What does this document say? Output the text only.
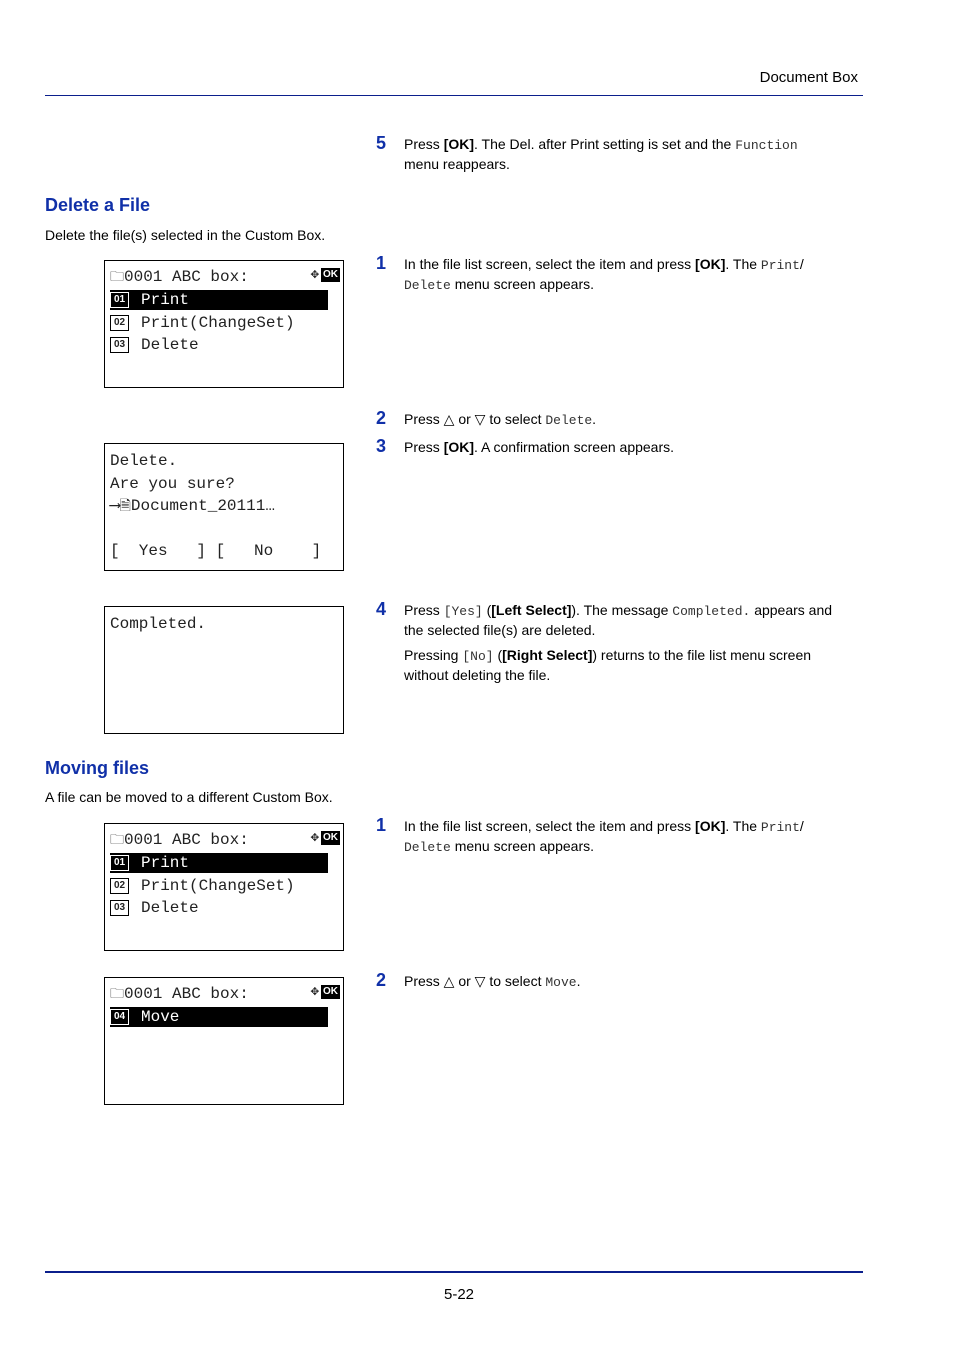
Document Box
5 Press [OK]. The Del. after Print setting is set and the Function
menu reappears.
Delete a File
Delete the file(s) selected in the Custom Box.
🗀0001 ABC box:	✥ OK
01 Print
02 Print(ChangeSet)
03 Delete
1 In the file list screen, select the item and press [OK]. The Print/
Delete menu screen appears.
2 Press △ or ▽ to select Delete.
3 Press [OK]. A confirmation screen appears.
Delete.
Are you sure?
⟶🗎Document_20111…
[  Yes   ] [   No    ]
4 Press [Yes] ([Left Select]). The message Completed. appears and the selected file(s) are deleted.
Pressing [No] ([Right Select]) returns to the file list menu screen without deleting the file.
Completed.
Moving files
A file can be moved to a different Custom Box.
🗀0001 ABC box:	✥ OK
01 Print
02 Print(ChangeSet)
03 Delete
1 In the file list screen, select the item and press [OK]. The Print/
Delete menu screen appears.
🗀0001 ABC box:	✥ OK
04 Move
2 Press △ or ▽ to select Move.
5-22
